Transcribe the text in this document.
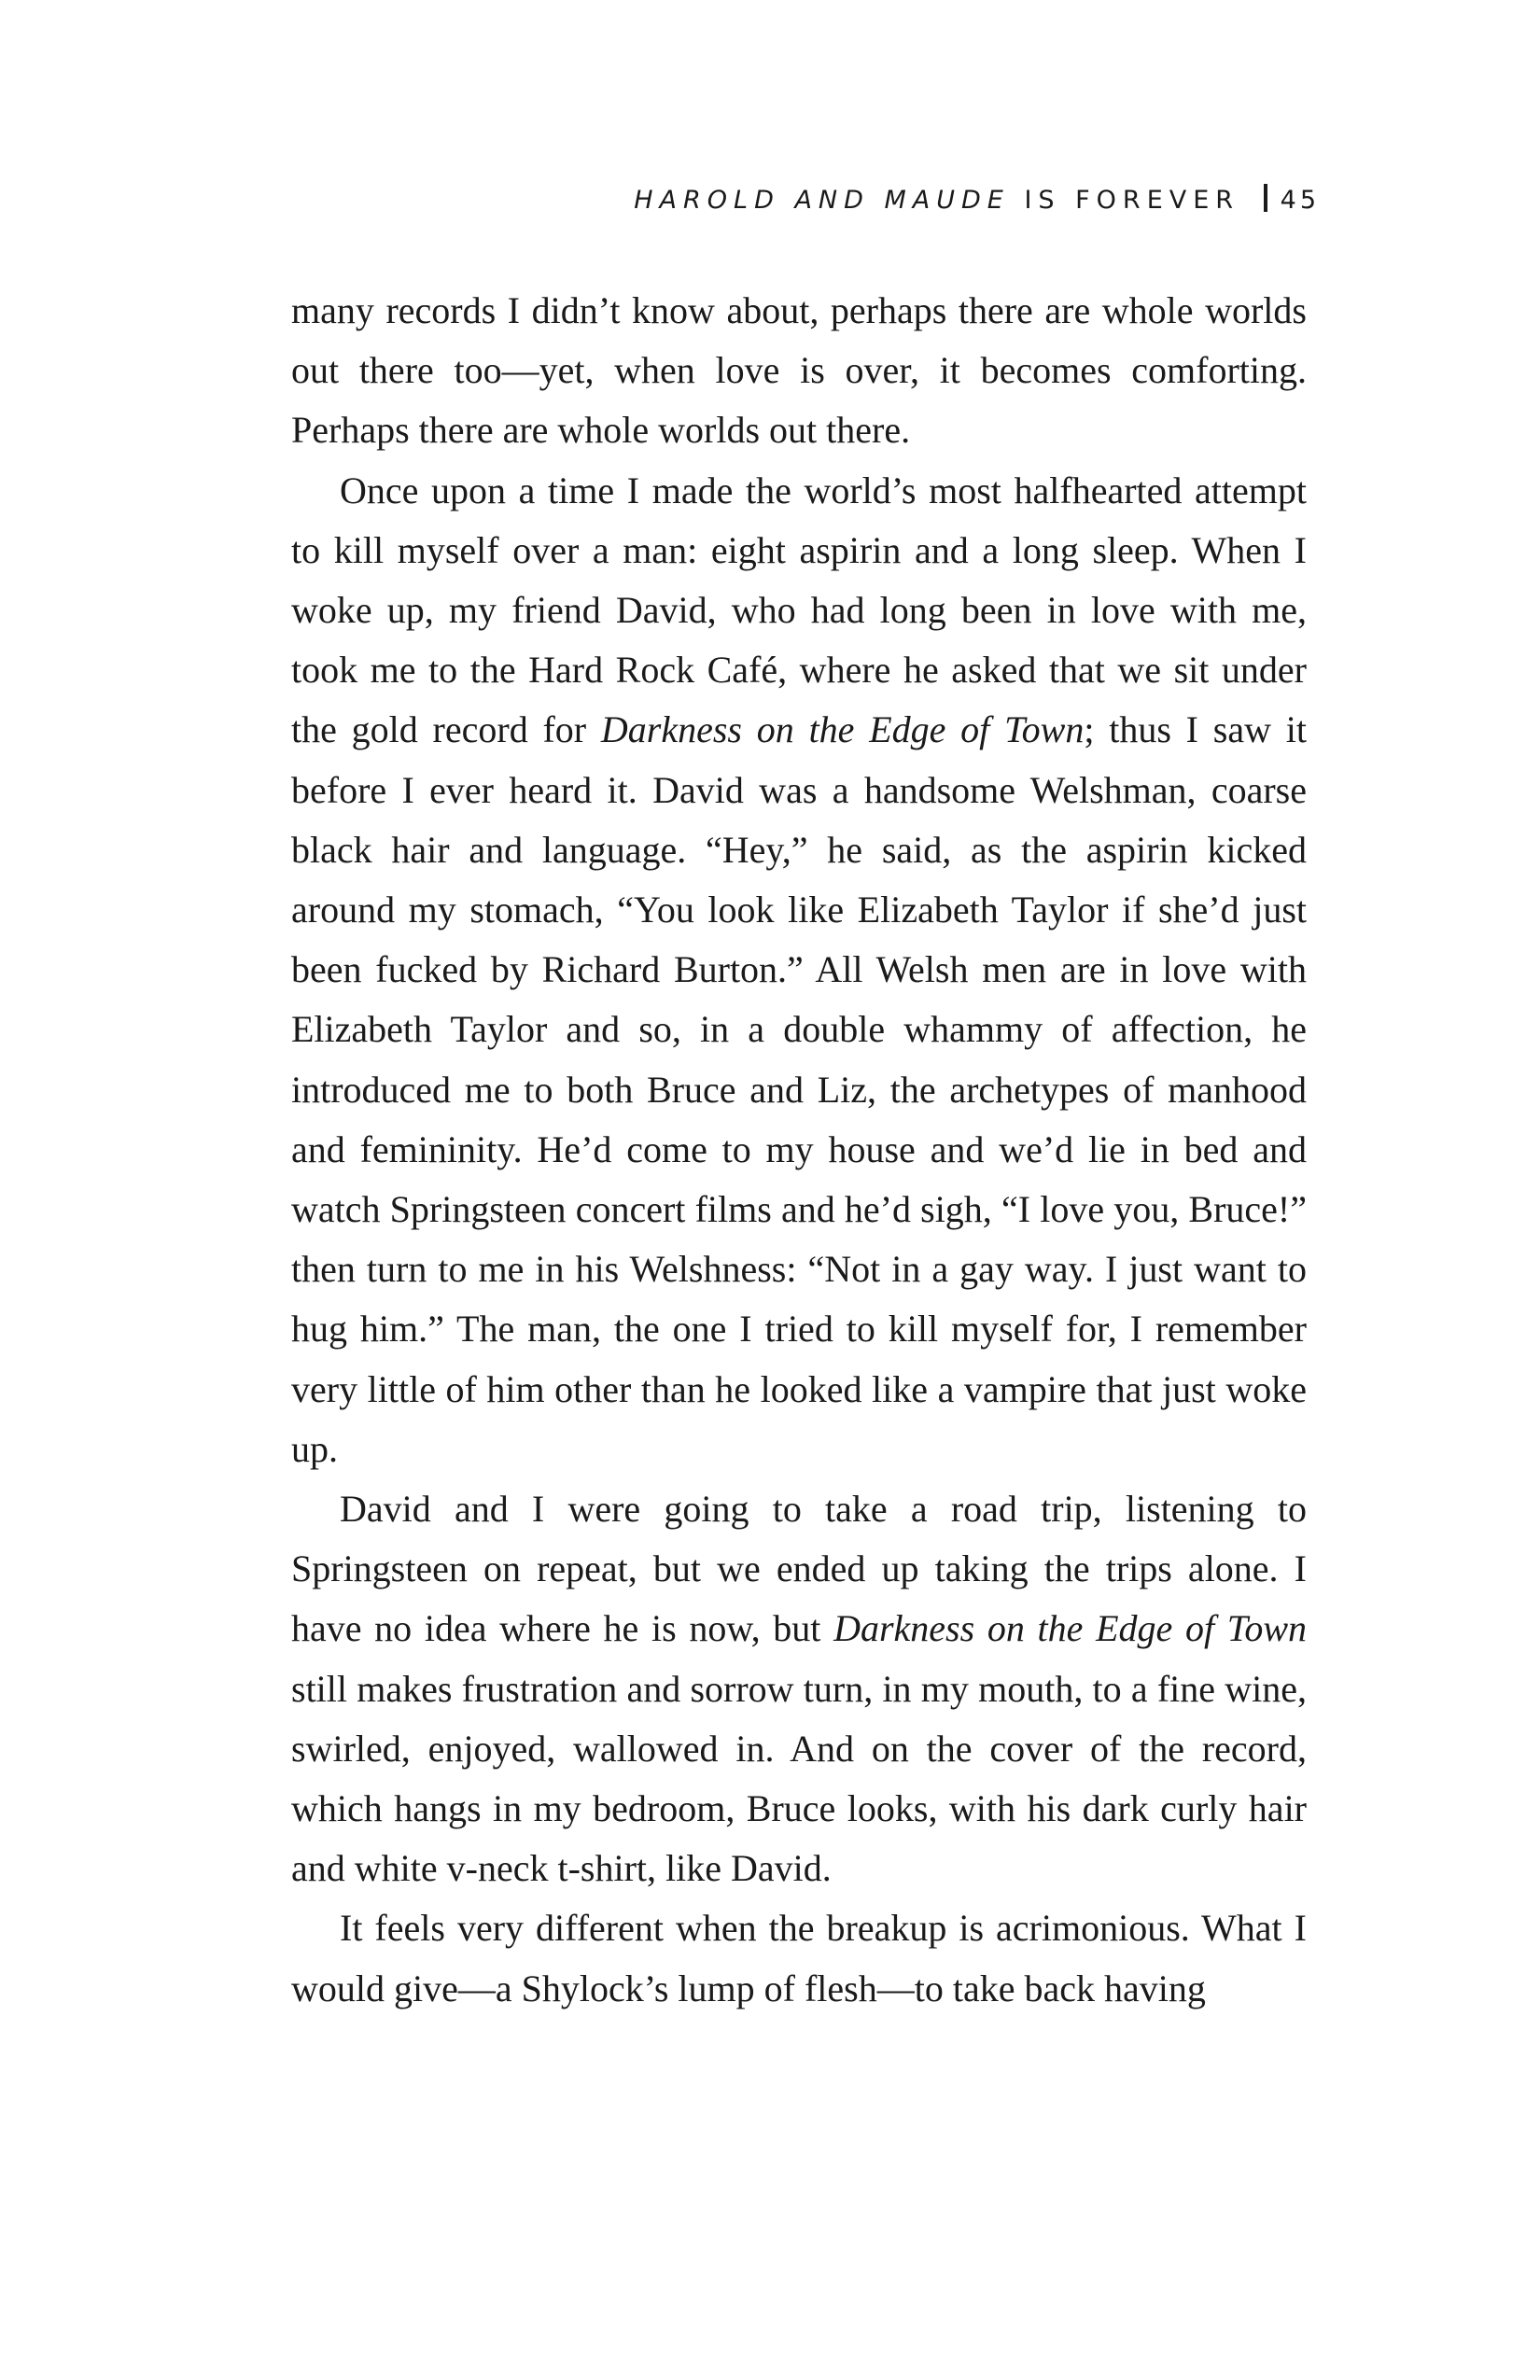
HAROLD AND MAUDE IS FOREVER 45

many records I didn’t know about, perhaps there are whole worlds out there too—yet, when love is over, it becomes comforting. Perhaps there are whole worlds out there.

Once upon a time I made the world’s most halfhearted attempt to kill myself over a man: eight aspirin and a long sleep. When I woke up, my friend David, who had long been in love with me, took me to the Hard Rock Café, where he asked that we sit under the gold record for Darkness on the Edge of Town; thus I saw it before I ever heard it. David was a handsome Welshman, coarse black hair and language. “Hey,” he said, as the aspirin kicked around my stomach, “You look like Elizabeth Taylor if she’d just been fucked by Richard Burton.” All Welsh men are in love with Elizabeth Taylor and so, in a double whammy of affection, he introduced me to both Bruce and Liz, the archetypes of manhood and femininity. He’d come to my house and we’d lie in bed and watch Springsteen concert films and he’d sigh, “I love you, Bruce!” then turn to me in his Welshness: “Not in a gay way. I just want to hug him.” The man, the one I tried to kill myself for, I remember very little of him other than he looked like a vampire that just woke up.

David and I were going to take a road trip, listening to Springsteen on repeat, but we ended up taking the trips alone. I have no idea where he is now, but Darkness on the Edge of Town still makes frustration and sorrow turn, in my mouth, to a fine wine, swirled, enjoyed, wallowed in. And on the cover of the record, which hangs in my bedroom, Bruce looks, with his dark curly hair and white v-neck t-shirt, like David.

It feels very different when the breakup is acrimonious. What I would give—a Shylock’s lump of flesh—to take back having
